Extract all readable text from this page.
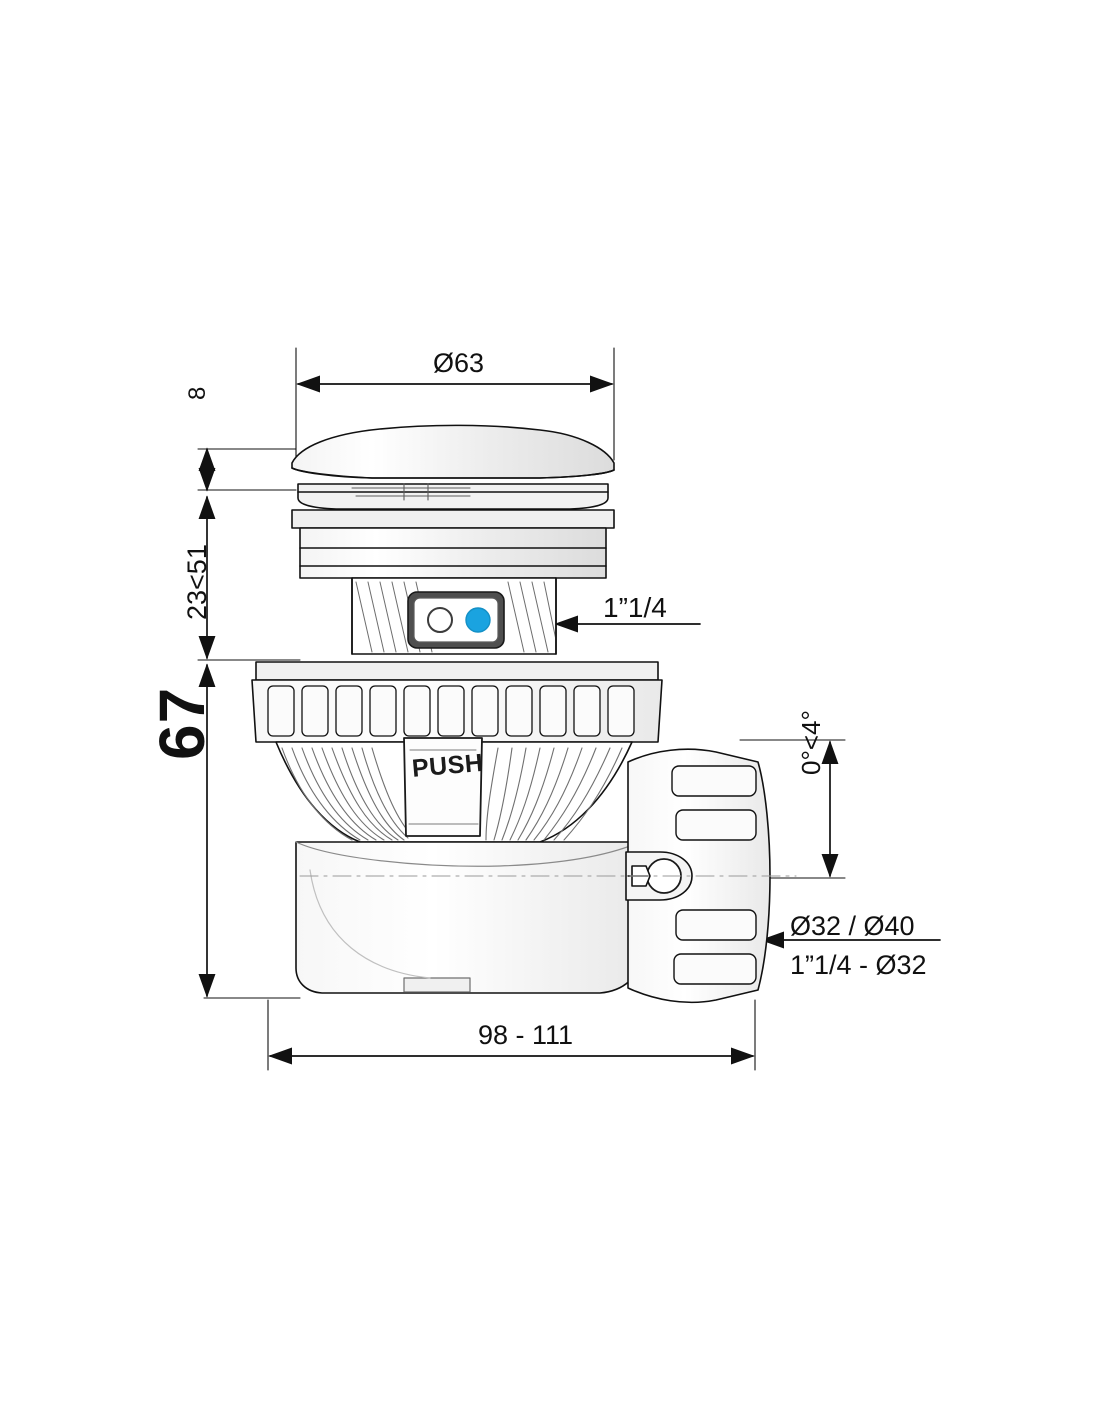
Ø63
8
23<51
67
1”1/4
0°<4°
Ø32 / Ø40
1”1/4 - Ø32
98 - 111
PUSH
